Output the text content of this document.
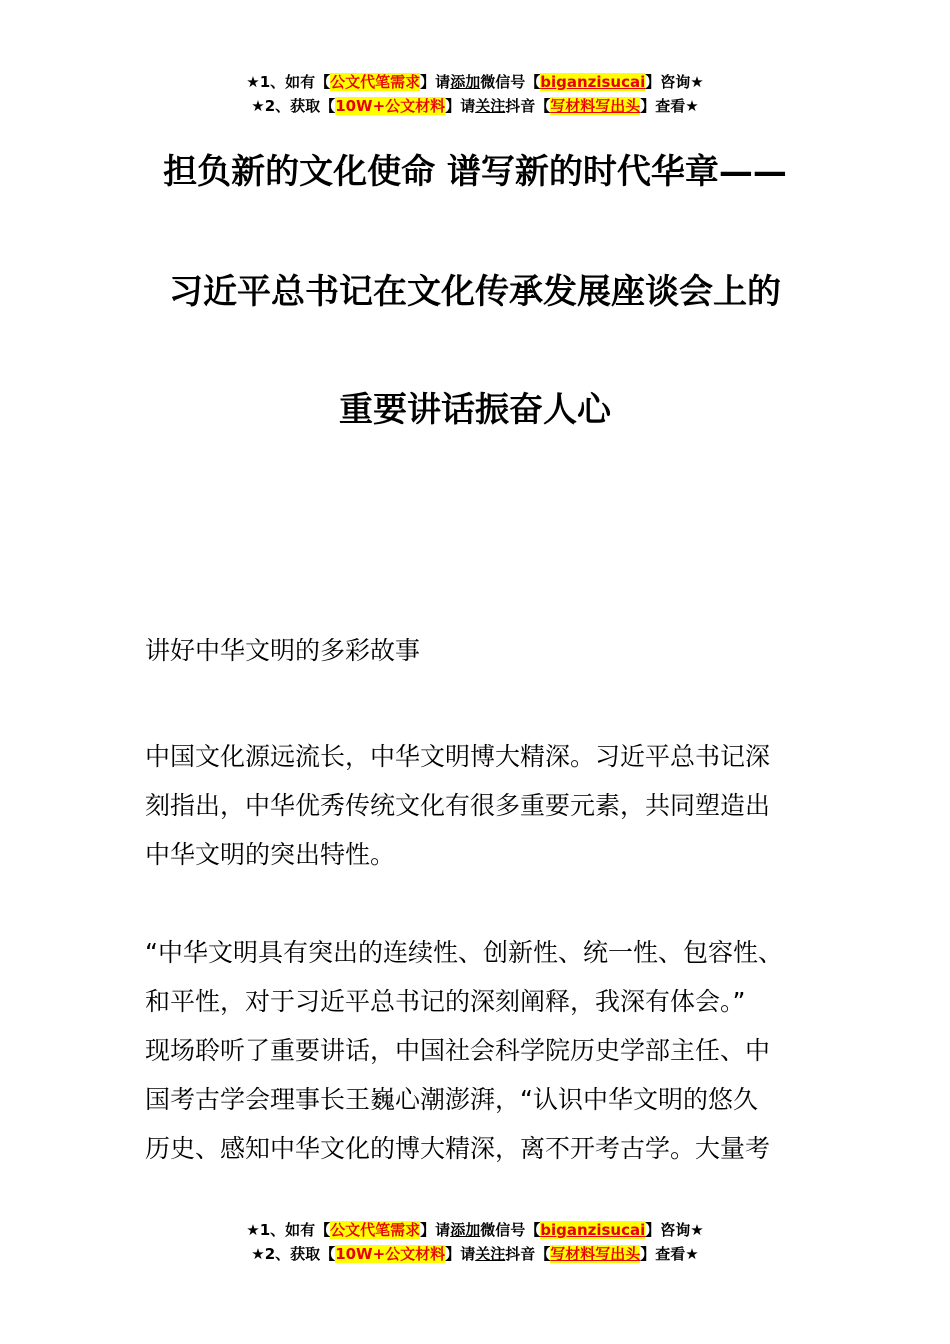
★1、如有【公文代笔需求】请添加微信号【biganzisucai】咨询★
★2、获取【10W+公文材料】请关注抖音【写材料写出头】查看★
担负新的文化使命 谱写新的时代华章——
习近平总书记在文化传承发展座谈会上的
重要讲话振奋人心
讲好中华文明的多彩故事
中国文化源远流长，中华文明博大精深。习近平总书记深
刻指出，中华优秀传统文化有很多重要元素，共同塑造出
中华文明的突出特性。
“中华文明具有突出的连续性、创新性、统一性、包容性、
和平性，对于习近平总书记的深刻阐释，我深有体会。”
现场聆听了重要讲话，中国社会科学院历史学部主任、中
国考古学会理事长王巍心潮澎湃，“认识中华文明的悠久
历史、感知中华文化的博大精深，离不开考古学。大量考
★1、如有【公文代笔需求】请添加微信号【biganzisucai】咨询★
★2、获取【10W+公文材料】请关注抖音【写材料写出头】查看★
